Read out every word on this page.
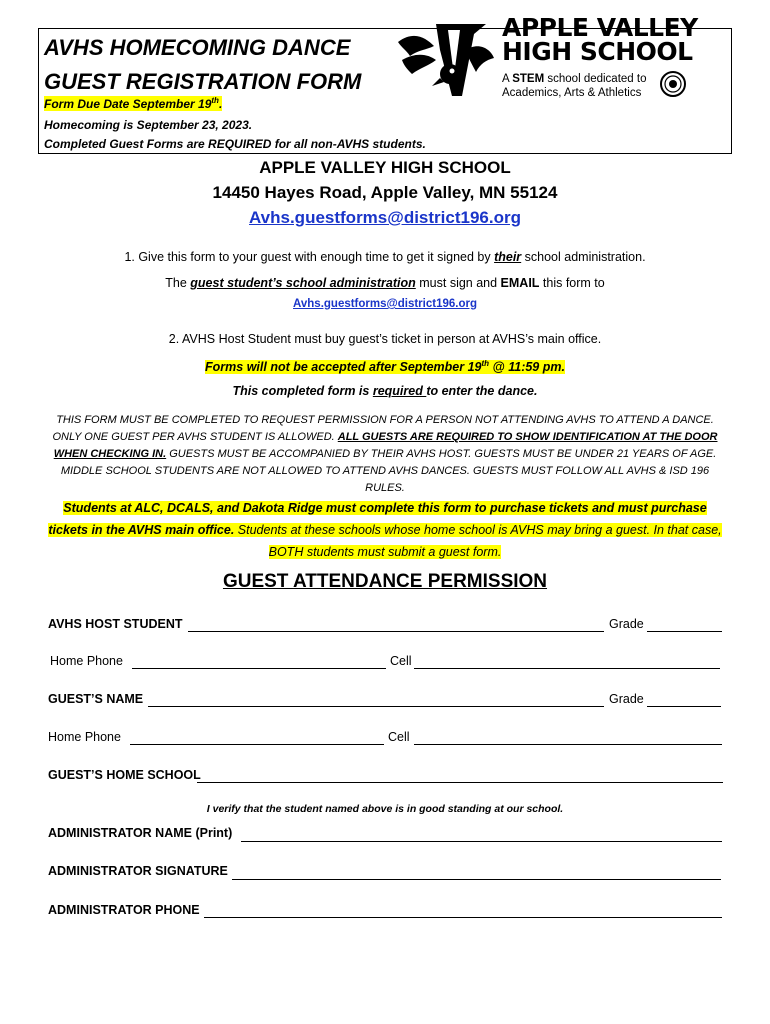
AVHS HOMECOMING DANCE
GUEST REGISTRATION FORM
Form Due Date September 19th.
Homecoming is September 23, 2023.
Completed Guest Forms are REQUIRED for all non-AVHS students.
APPLE VALLEY
HIGH SCHOOL
A STEM school dedicated to
Academics, Arts & Athletics
APPLE VALLEY HIGH SCHOOL
14450 Hayes Road, Apple Valley, MN 55124
Avhs.guestforms@district196.org
1. Give this form to your guest with enough time to get it signed by their school administration.
The guest student’s school administration must sign and EMAIL this form to
Avhs.guestforms@district196.org
2. AVHS Host Student must buy guest’s ticket in person at AVHS’s main office.
Forms will not be accepted after September 19th @ 11:59 pm.
This completed form is required to enter the dance.
THIS FORM MUST BE COMPLETED TO REQUEST PERMISSION FOR A PERSON NOT ATTENDING AVHS TO ATTEND A DANCE. ONLY ONE GUEST PER AVHS STUDENT IS ALLOWED. ALL GUESTS ARE REQUIRED TO SHOW IDENTIFICATION AT THE DOOR WHEN CHECKING IN. GUESTS MUST BE ACCOMPANIED BY THEIR AVHS HOST. GUESTS MUST BE UNDER 21 YEARS OF AGE. MIDDLE SCHOOL STUDENTS ARE NOT ALLOWED TO ATTEND AVHS DANCES. GUESTS MUST FOLLOW ALL AVHS & ISD 196 RULES.
Students at ALC, DCALS, and Dakota Ridge must complete this form to purchase tickets and must purchase tickets in the AVHS main office. Students at these schools whose home school is AVHS may bring a guest. In that case, BOTH students must submit a guest form.
GUEST ATTENDANCE PERMISSION
AVHS HOST STUDENT	Grade
Home Phone	Cell
GUEST’S NAME	Grade
Home Phone	Cell
GUEST’S HOME SCHOOL
I verify that the student named above is in good standing at our school.
ADMINISTRATOR NAME (Print)
ADMINISTRATOR SIGNATURE
ADMINISTRATOR PHONE
